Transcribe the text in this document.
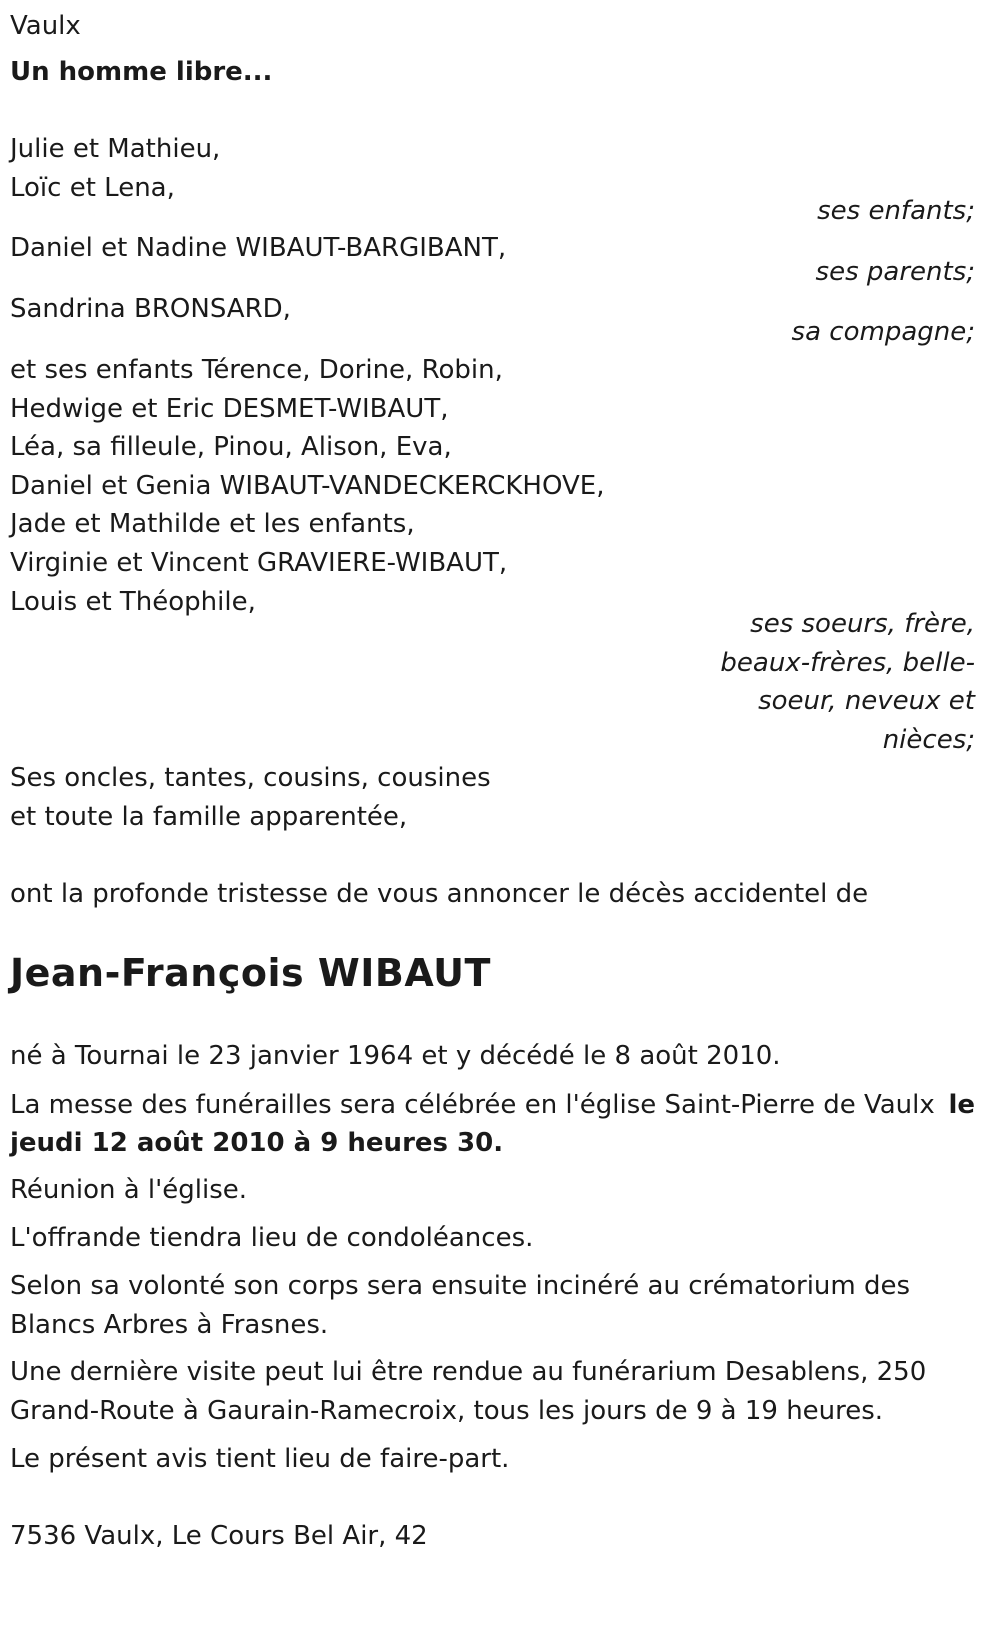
Vaulx
Un homme libre...
Julie et Mathieu,
Loïc et Lena,
ses enfants;
Daniel et Nadine WIBAUT-BARGIBANT,
ses parents;
Sandrina BRONSARD,
sa compagne;
et ses enfants Térence, Dorine, Robin,
Hedwige et Eric DESMET-WIBAUT,
Léa, sa filleule, Pinou, Alison, Eva,
Daniel et Genia WIBAUT-VANDECKERCKHOVE,
Jade et Mathilde et les enfants,
Virginie et Vincent GRAVIERE-WIBAUT,
Louis et Théophile,
ses soeurs, frère,
beaux-frères, belle-
soeur, neveux et
nièces;
Ses oncles, tantes, cousins, cousines
et toute la famille apparentée,
ont la profonde tristesse de vous annoncer le décès accidentel de
Jean-François WIBAUT
né à Tournai le 23 janvier 1964 et y décédé le 8 août 2010.
La messe des funérailles sera célébrée en l'église Saint-Pierre de Vaulx le
jeudi 12 août 2010 à 9 heures 30.
Réunion à l'église.
L'offrande tiendra lieu de condoléances.
Selon sa volonté son corps sera ensuite incinéré au crématorium des
Blancs Arbres à Frasnes.
Une dernière visite peut lui être rendue au funérarium Desablens, 250
Grand-Route à Gaurain-Ramecroix, tous les jours de 9 à 19 heures.
Le présent avis tient lieu de faire-part.
7536 Vaulx, Le Cours Bel Air, 42
